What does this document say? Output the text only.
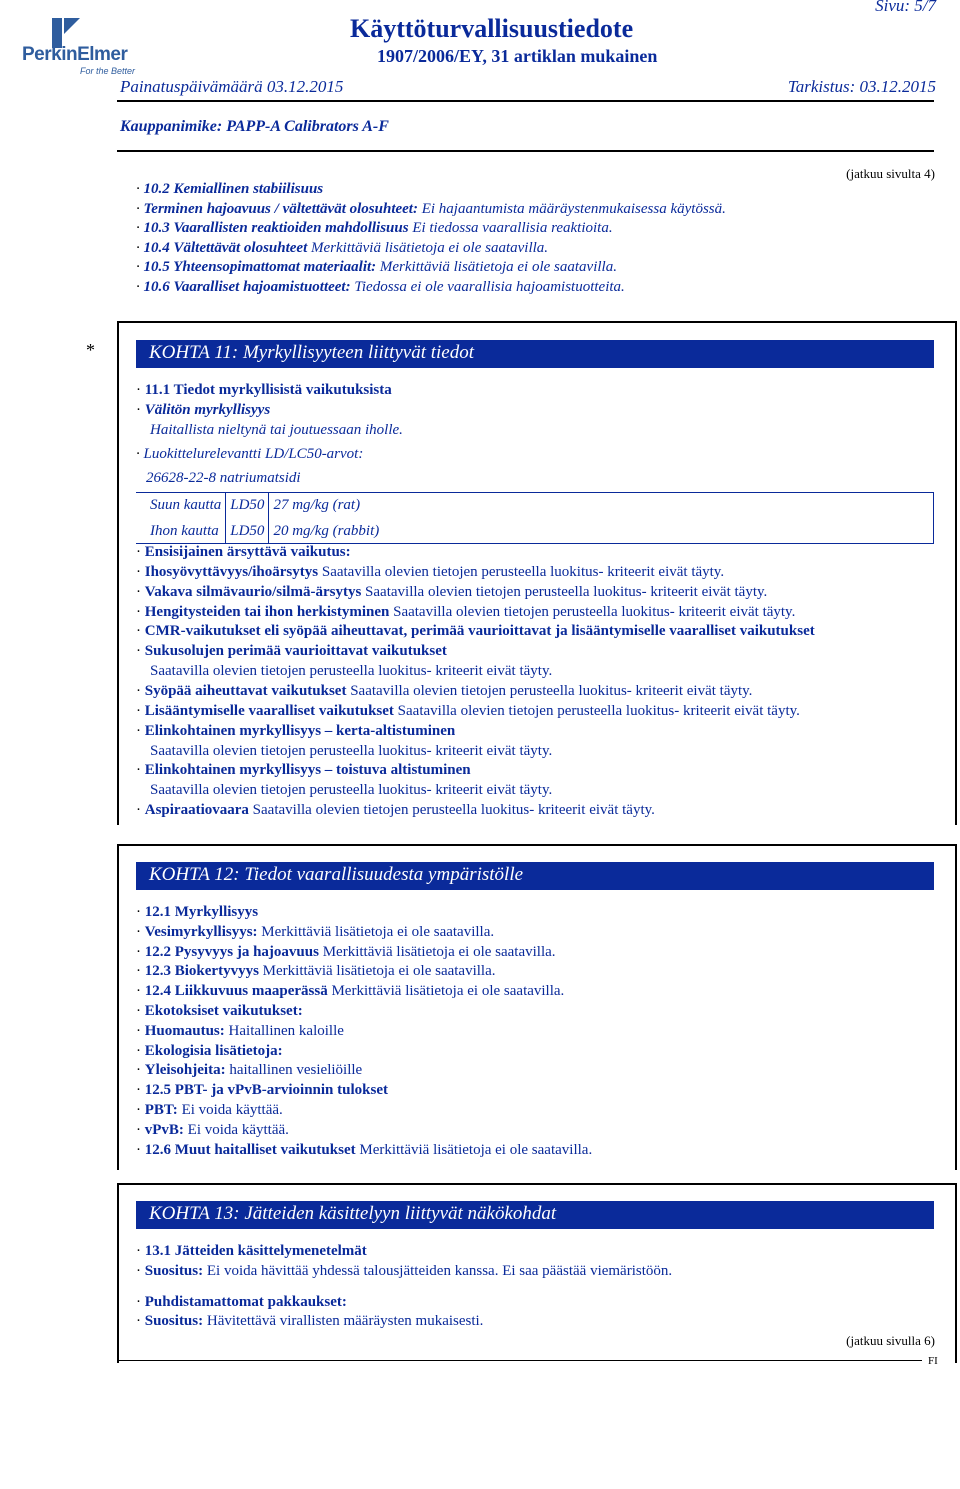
PerkinElmer
For the Better
Käyttöturvallisuustiedote
1907/2006/EY, 31 artiklan mukainen
Sivu: 5/7
Painatuspäivämäärä 03.12.2015	Tarkistus: 03.12.2015
Kauppanimike: PAPP-A Calibrators A-F
(jatkuu sivulta 4)
· 10.2 Kemiallinen stabiilisuus
· Terminen hajoavuus / vältettävät olosuhteet: Ei hajaantumista määräystenmukaisessa käytössä.
· 10.3 Vaarallisten reaktioiden mahdollisuus Ei tiedossa vaarallisia reaktioita.
· 10.4 Vältettävät olosuhteet Merkittäviä lisätietoja ei ole saatavilla.
· 10.5 Yhteensopimattomat materiaalit: Merkittäviä lisätietoja ei ole saatavilla.
· 10.6 Vaaralliset hajoamistuotteet: Tiedossa ei ole vaarallisia hajoamistuotteita.
*	KOHTA 11: Myrkyllisyyteen liittyvät tiedot
· 11.1 Tiedot myrkyllisistä vaikutuksista
· Välitön myrkyllisyys
Haitallista nieltynä tai joutuessaan iholle.
· Luokittelurelevantti LD/LC50-arvot:
26628-22-8 natriumatsidi
Suun kautta	LD50	27 mg/kg (rat)
Ihon kautta	LD50	20 mg/kg (rabbit)
· Ensisijainen ärsyttävä vaikutus:
· Ihosyövyttävyys/ihoärsytys Saatavilla olevien tietojen perusteella luokitus- kriteerit eivät täyty.
· Vakava silmävaurio/silmä-ärsytys Saatavilla olevien tietojen perusteella luokitus- kriteerit eivät täyty.
· Hengitysteiden tai ihon herkistyminen Saatavilla olevien tietojen perusteella luokitus- kriteerit eivät täyty.
· CMR-vaikutukset eli syöpää aiheuttavat, perimää vaurioittavat ja lisääntymiselle vaaralliset vaikutukset
· Sukusolujen perimää vaurioittavat vaikutukset
Saatavilla olevien tietojen perusteella luokitus- kriteerit eivät täyty.
· Syöpää aiheuttavat vaikutukset Saatavilla olevien tietojen perusteella luokitus- kriteerit eivät täyty.
· Lisääntymiselle vaaralliset vaikutukset Saatavilla olevien tietojen perusteella luokitus- kriteerit eivät täyty.
· Elinkohtainen myrkyllisyys – kerta-altistuminen
Saatavilla olevien tietojen perusteella luokitus- kriteerit eivät täyty.
· Elinkohtainen myrkyllisyys – toistuva altistuminen
Saatavilla olevien tietojen perusteella luokitus- kriteerit eivät täyty.
· Aspiraatiovaara Saatavilla olevien tietojen perusteella luokitus- kriteerit eivät täyty.
KOHTA 12: Tiedot vaarallisuudesta ympäristölle
· 12.1 Myrkyllisyys
· Vesimyrkyllisyys: Merkittäviä lisätietoja ei ole saatavilla.
· 12.2 Pysyvyys ja hajoavuus Merkittäviä lisätietoja ei ole saatavilla.
· 12.3 Biokertyvyys Merkittäviä lisätietoja ei ole saatavilla.
· 12.4 Liikkuvuus maaperässä Merkittäviä lisätietoja ei ole saatavilla.
· Ekotoksiset vaikutukset:
· Huomautus: Haitallinen kaloille
· Ekologisia lisätietoja:
· Yleisohjeita: haitallinen vesieliöille
· 12.5 PBT- ja vPvB-arvioinnin tulokset
· PBT: Ei voida käyttää.
· vPvB: Ei voida käyttää.
· 12.6 Muut haitalliset vaikutukset Merkittäviä lisätietoja ei ole saatavilla.
KOHTA 13: Jätteiden käsittelyyn liittyvät näkökohdat
· 13.1 Jätteiden käsittelymenetelmät
· Suositus: Ei voida hävittää yhdessä talousjätteiden kanssa. Ei saa päästää viemäristöön.
· Puhdistamattomat pakkaukset:
· Suositus: Hävitettävä virallisten määräysten mukaisesti.
(jatkuu sivulla 6)
FI
